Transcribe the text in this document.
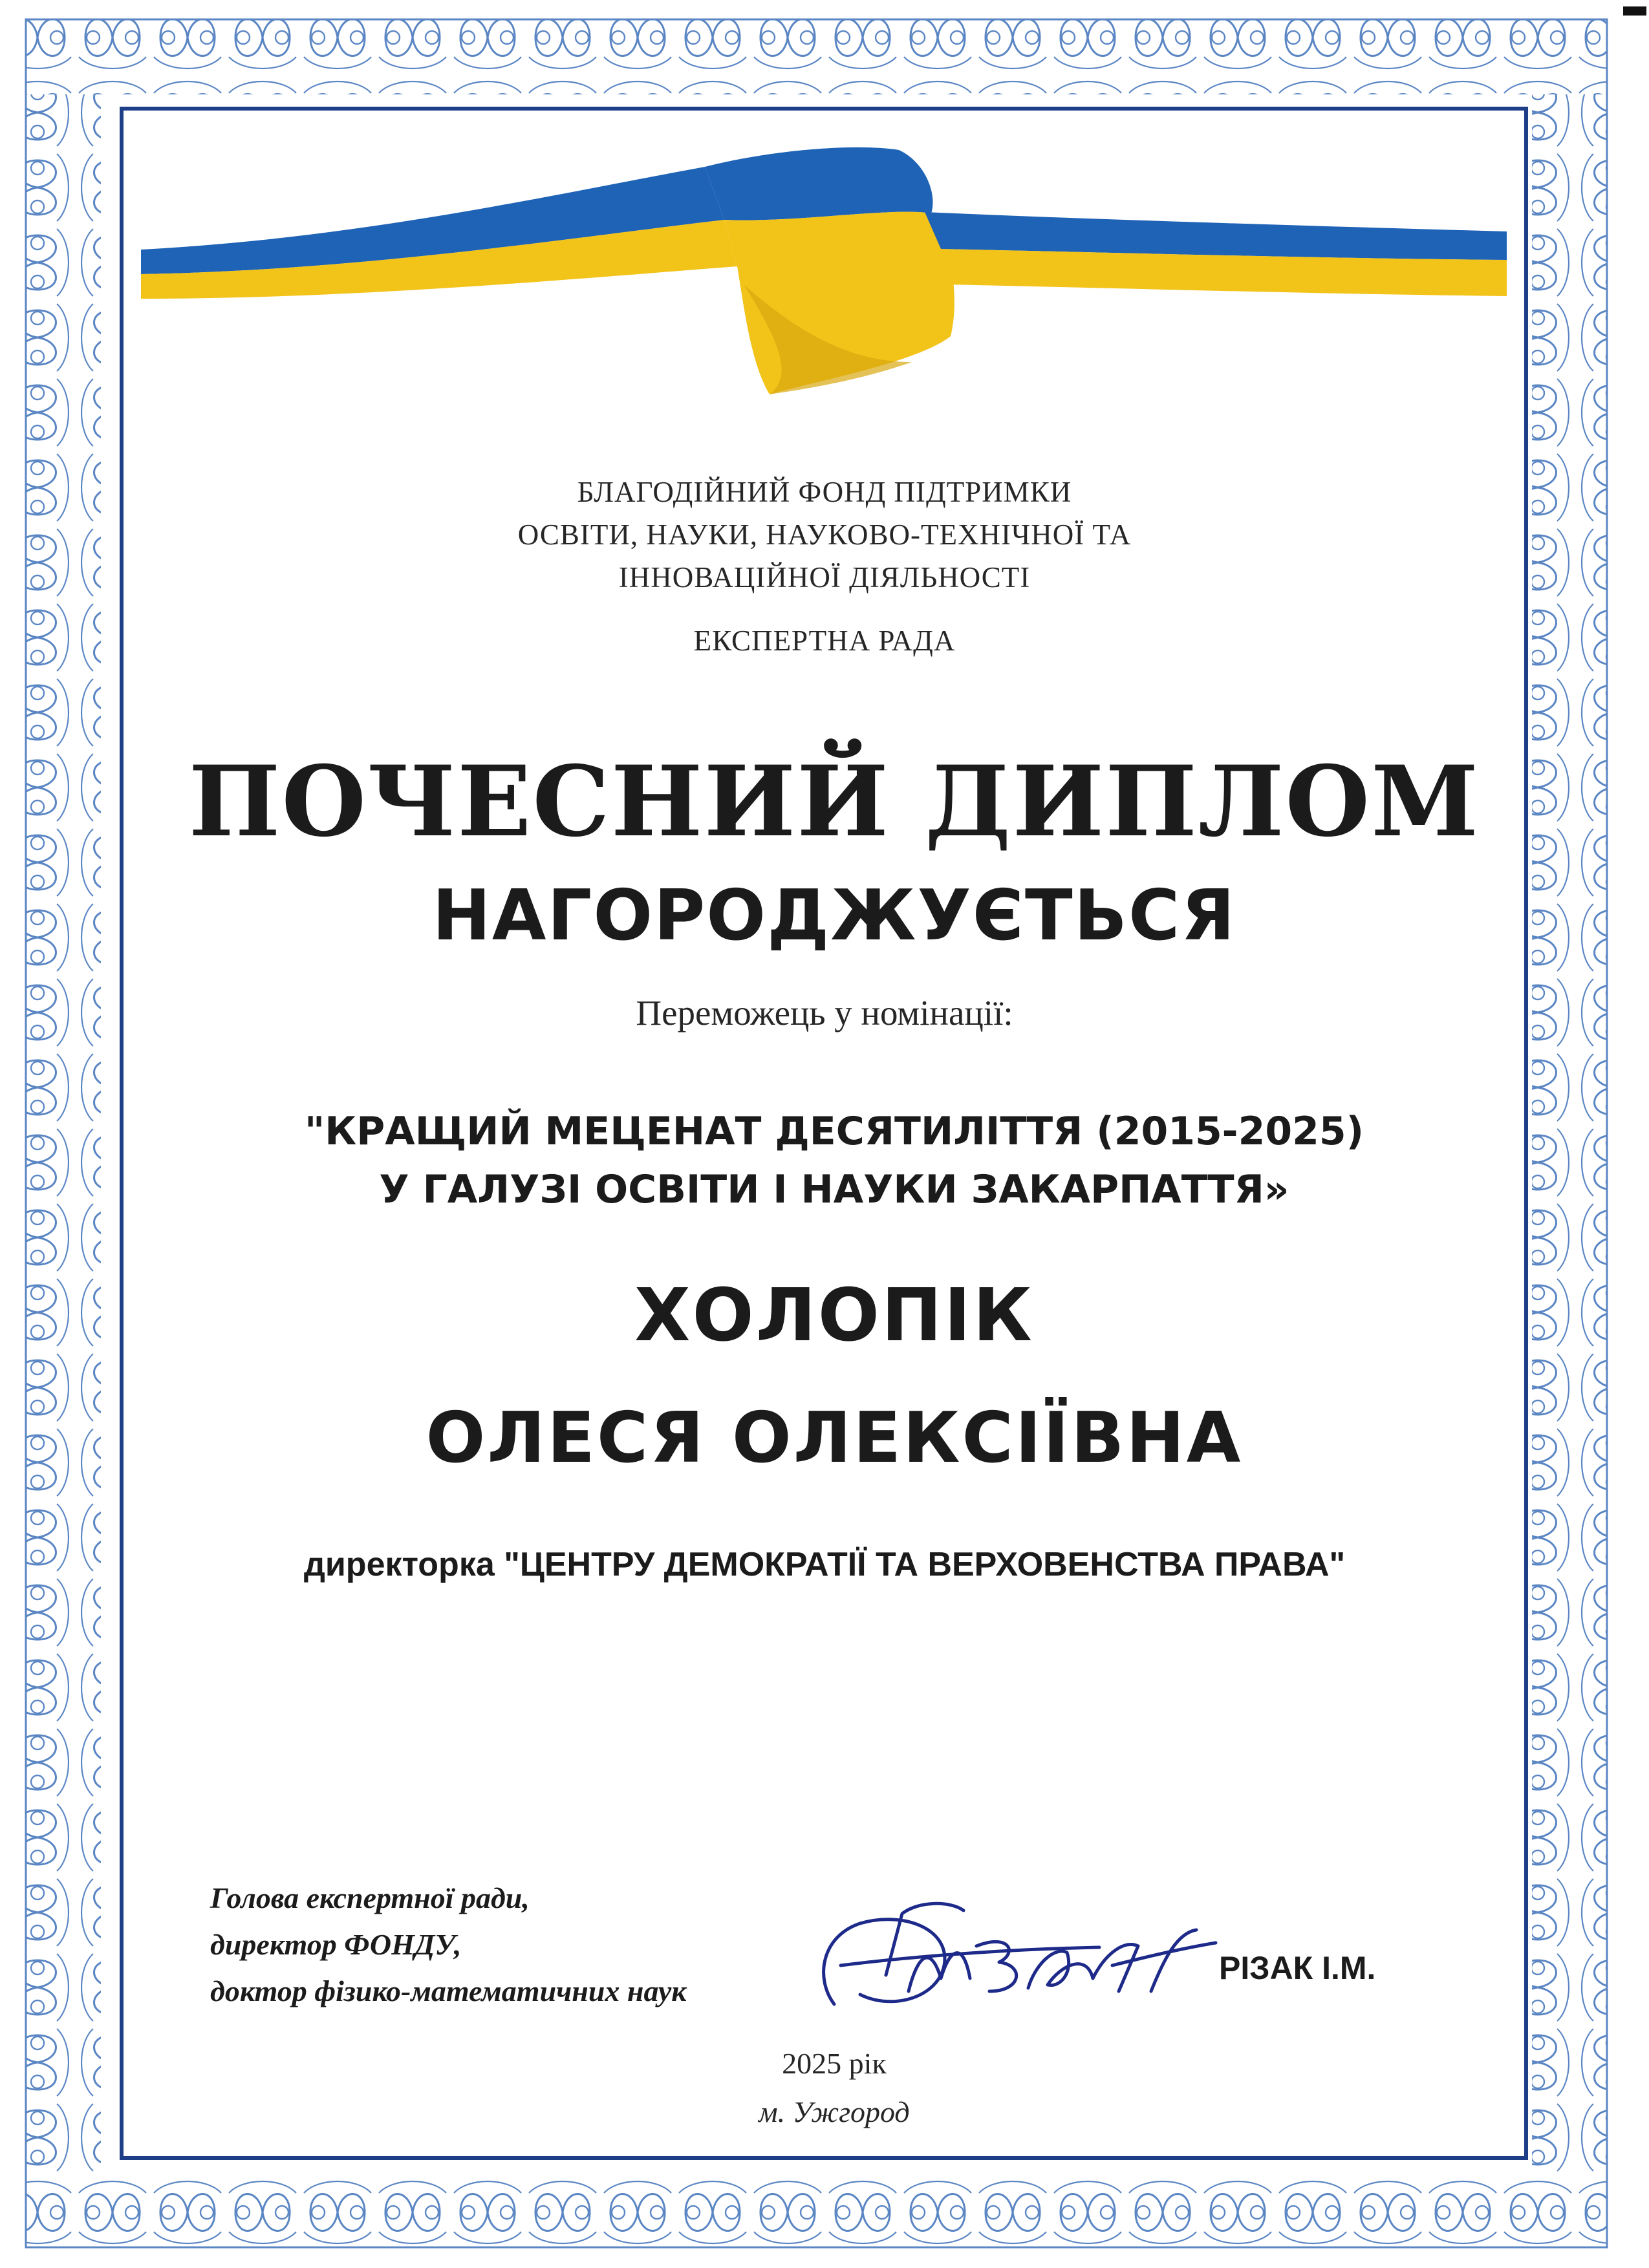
БЛАГОДІЙНИЙ ФОНД ПІДТРИМКИ
ОСВІТИ, НАУКИ, НАУКОВО-ТЕХНІЧНОЇ ТА
ІННОВАЦІЙНОЇ ДІЯЛЬНОСТІ

ЕКСПЕРТНА РАДА

ПОЧЕСНИЙ ДИПЛОМ
НАГОРОДЖУЄТЬСЯ

Переможець у номінації:

"КРАЩИЙ МЕЦЕНАТ ДЕСЯТИЛІТТЯ (2015-2025)
У ГАЛУЗІ ОСВІТИ І НАУКИ ЗАКАРПАТТЯ»

ХОЛОПІК

ОЛЕСЯ ОЛЕКСІЇВНА

директорка "ЦЕНТРУ ДЕМОКРАТІЇ ТА ВЕРХОВЕНСТВА ПРАВА"

Голова експертної ради,
директор ФОНДУ,
доктор фізико-математичних наук

РІЗАК І.М.

2025 рік

м. Ужгород
